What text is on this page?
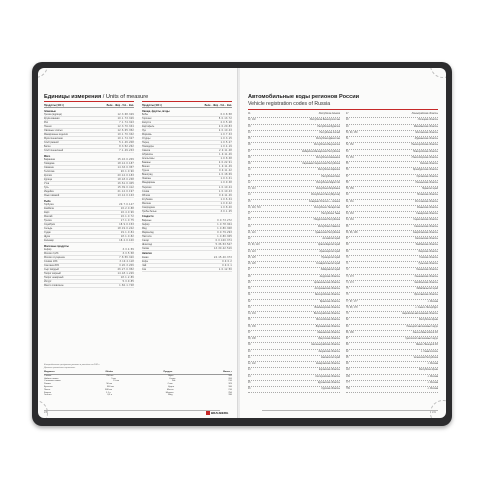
Единицы измерения / Units of measure
Продукты (100 г)	Белк. · Жир · Угл. · Кал.
Злаковые
Гречка (ядрица)	12·3·68·329
Крупа манная	10·1·73·326
Рис	7·1·74·323
Пшено	12·3·70·334
Овсяные хлопья	12·6·65·352
Макаронные изделия	10·1·70·332
Мука пшеничная	10·1·74·327
Хлеб ржаной	5·1·46·208
Батон	8·3·52·262
Хлеб пшеничный	7·1·49·233
Мясо
Баранина	15·16·0·209
Говядина	18·12·0·187
Свинина	14·33·0·357
Телятина	20·1·0·90
Кролик	20·12·0·183
Курица	18·18·0·238
Утка	16·61·0·405
Гусь	15·39·0·412
Индейка	21·12·0·197
Язык говяжий	13·12·0·163
Рыба
Горбуша	20·7·0·147
Камбала	16·2·0·88
Карп	16·4·0·96
Минтай	16·1·0·72
Треска	17·1·0·75
Скумбрия	18·9·0·153
Сельдь	18·19·0·242
Судак	19·1·0·84
Щука	18·1·0·82
Кальмар	18·2·0·100
Молочные продукты
Кефир	3·3·4·59
Молоко 3,2%	3·3·5·58
Молоко сгущённое	7·8·56·320
Сливки 10%	3·10·4·118
Сметана 20%	3·20·3·206
Сыр твёрдый	26·27·0·352
Творог жирный	14·18·1·226
Творог нежирный	18·1·2·86
Йогурт	5·3·9·85
Масло сливочное	1·82·1·748
Продукты (100 г)	Белк. · Жир · Угл. · Кал.
Овощи, фрукты, ягоды
Бобы	6·0·8·58
Горошек	5·0·13·72
Капуста	2·0·5·28
Картофель	2·0·20·83
Лук	2·0·10·43
Морковь	1·0·7·33
Огурцы	1·0·3·15
Перец	1·0·5·27
Помидоры	1·0·4·19
Свёкла	2·0·11·48
Абрикосы	1·0·11·46
Апельсины	1·0·8·38
Бананы	2·0·22·91
Вишня	1·0·11·49
Груша	0·0·11·42
Виноград	1·0·18·69
Лимоны	1·0·3·31
Мандарины	1·0·9·38
Персики	1·0·10·44
Слива	1·0·10·43
Яблоки	0·0·11·46
Клубника	1·0·6·34
Малина	1·0·9·42
Смородина	1·0·8·40
Грибы белые	3·0·1·25
Сладости
Варенье	0·0·73·272
Зефир	1·0·78·304
Мёд	1·0·80·308
Мармелад	0·0·79·293
Пастила	1·0·80·305
Сахар	0·0·100·374
Шоколад	5·36·53·547
Халва	13·30·42·516
Напитки
Какао	24·15·40·373
Кофе	0·0·0·2
Чай	0·0·0·1
Сок	1·0·12·50
Калорийность продуктов указана в расчёте на 100 г.
Данные приведены справочно.
Жидкость	Объём	Продукт	Масса, г
Стакан	250 мл	Мука	160
Чайная ложка	5 мл	Сахар	200
Столовая ложка	15 мл	Рис	210
Рюмка	50 мл	Соль	325
Бутылка	500 мл	Крупа	180
Пинта	568 мл	Масло	210
Кварта	1,1 л	Молоко	250
Галлон	4,5 л	Мёд	330
230	BRAUBERG
Автомобильные коды регионов России
Vehicle registration codes of Russia
01	Республика Адыгея
02, 102	Республика Башкортостан
03	Республика Бурятия
04	Республика Алтай
05	Республика Дагестан
06	Республика Ингушетия
07	Кабардино-Балкарская Республика
08	Республика Калмыкия
09	Карачаево-Черкесская Республика
10	Республика Карелия
11	Республика Коми
12	Республика Марий Эл
13, 113	Республика Мордовия
14	Республика Саха (Якутия)
15	Северная Осетия — Алания
16, 116, 716	Республика Татарстан
17	Республика Тыва
18	Удмуртская Республика
19	Республика Хакасия
21, 121	Чувашская Республика
22	Алтайский край
23, 93, 123	Краснодарский край
24, 124	Красноярский край
25, 125	Приморский край
26, 126	Ставропольский край
27	Хабаровский край
28	Амурская область
29	Архангельская область
30	Астраханская область
31	Белгородская область
32	Брянская область
33	Владимирская область
34, 134	Волгоградская область
35	Вологодская область
36, 136	Воронежская область
37	Ивановская область
38, 138	Иркутская область
39	Калининградская область
40	Калужская область
41	Камчатский край
42, 142	Кемеровская область
43	Кировская область
44	Костромская область
45	Курганская область
46	Курская область
47	Ленинградская область
48	Липецкая область
49	Магаданская область
50, 90, 150	Московская область
51	Мурманская область
52, 152	Нижегородская область
53	Новгородская область
54, 154	Новосибирская область
55	Омская область
56	Оренбургская область
57	Орловская область
58	Пензенская область
59, 159	Пермский край
60	Псковская область
61, 161	Ростовская область
62	Рязанская область
63, 163	Самарская область
64, 164	Саратовская область
65	Сахалинская область
66, 96, 196	Свердловская область
67	Смоленская область
68	Тамбовская область
69	Тверская область
70	Томская область
71	Тульская область
72	Тюменская область
73, 173	Ульяновская область
74, 174	Челябинская область
75	Забайкальский край
76	Ярославская область
77, 97, 177	г. Москва
78, 98, 178	г. Санкт-Петербург
79	Еврейская автономная область
82	Республика Крым
83	Ненецкий автономный округ
86, 186	Ханты-Мансийский АО
87	Чукотский автономный округ
89	Ямало-Ненецкий АО
92	г. Севастополь
95	Чеченская Республика
99	г. Москва
118	Республика Крым
199	г. Москва
777	г. Москва
799	г. Москва
231
